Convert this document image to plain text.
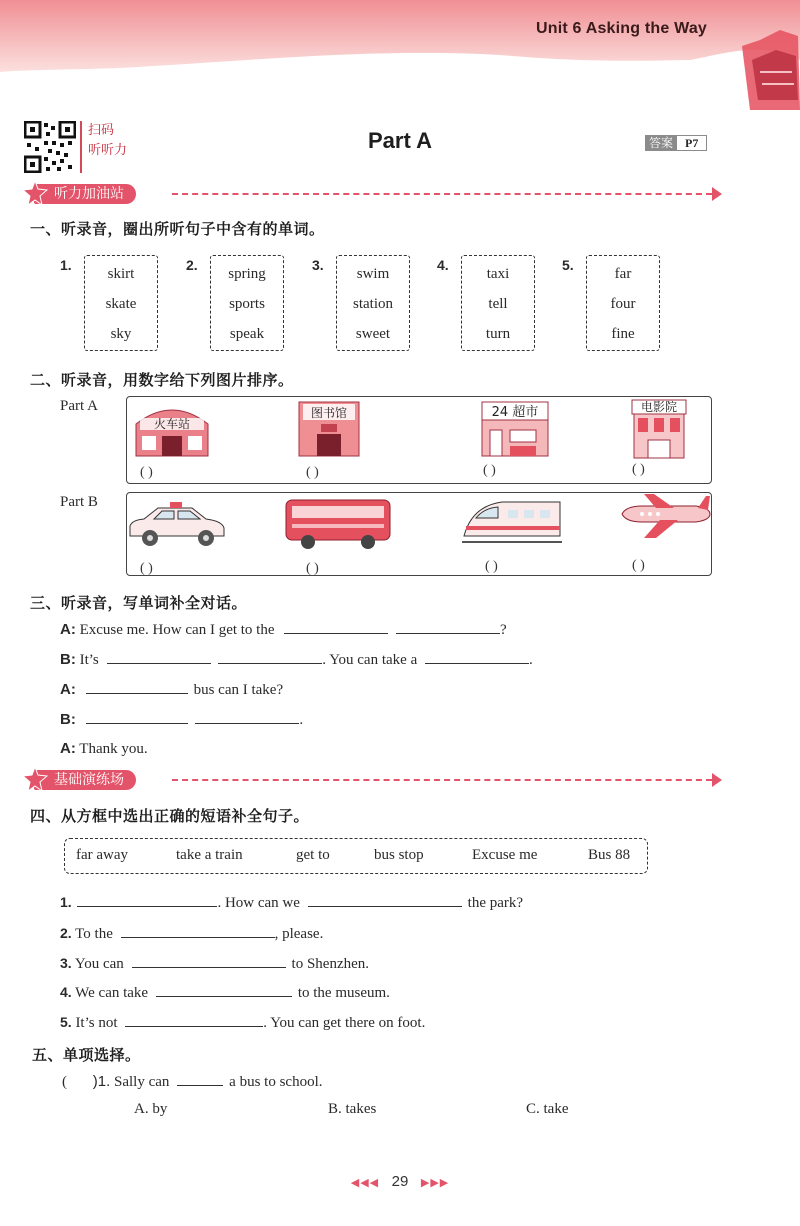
Unit 6 Asking the Way
扫码
听听力	Part A	答案	P7
听力加油站
一、听录音，圈出所听句子中含有的单词。
1.
skirt
skate
sky
2.
spring
sports
speak
3.
swim
station
sweet
4.
taxi
tell
turn
5.
far
four
fine
二、听录音，用数字给下列图片排序。
Part A
火车站
图书馆	24 超市	电影院
( )	( )	( )	( )
Part B
( )	( )	( )	( )
三、听录音，写单词补全对话。
A: Excuse me. How can I get to the	?
B: It’s	. You can take a	.
A:	bus can I take?
B:	.
A: Thank you.
基础演练场
四、从方框中选出正确的短语补全句子。
far away	take a train	get to	bus stop	Excuse me	Bus 88
1.	. How can we	the park?
2. To the	, please.
3. You can	to Shenzhen.
4. We can take	to the museum.
5. It’s not	. You can get there on foot.
五、单项选择。
( )1. Sally can	a bus to school.
A. by	B. takes	C. take
◀◀◀ 29 ▶▶▶
